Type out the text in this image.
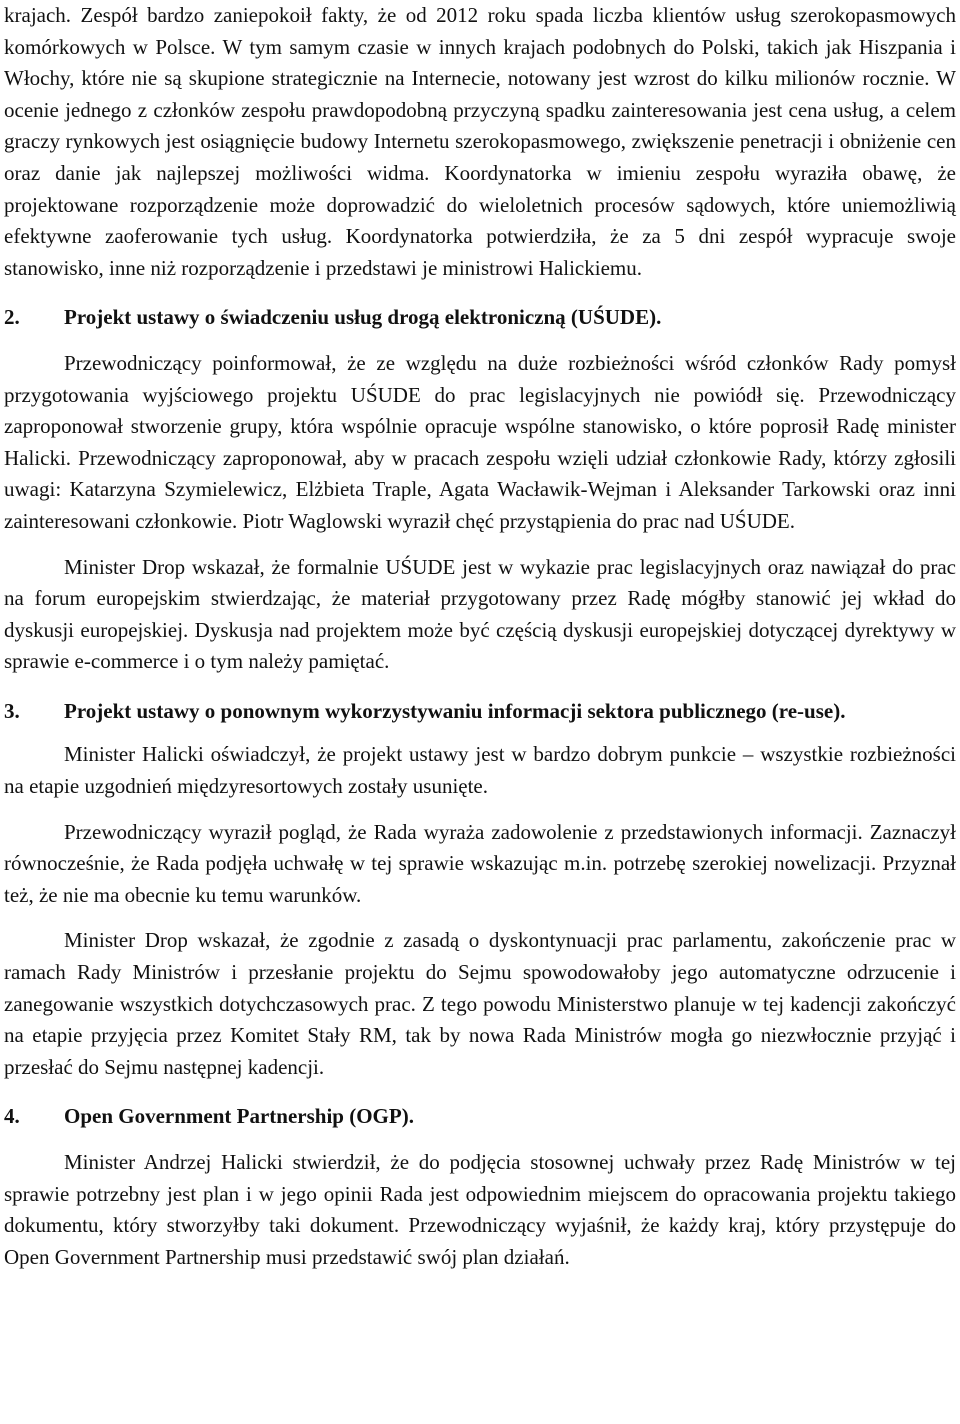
krajach. Zespół bardzo zaniepokoił fakty, że od 2012 roku spada liczba klientów usług szerokopasmowych komórkowych w Polsce. W tym samym czasie w innych krajach podobnych do Polski, takich jak Hiszpania i Włochy, które nie są skupione strategicznie na Internecie, notowany jest wzrost do kilku milionów rocznie. W ocenie jednego z członków zespołu prawdopodobną przyczyną spadku zainteresowania jest cena usług, a celem graczy rynkowych jest osiągnięcie budowy Internetu szerokopasmowego, zwiększenie penetracji i obniżenie cen oraz danie jak najlepszej możliwości widma. Koordynatorka w imieniu zespołu wyraziła obawę, że projektowane rozporządzenie może doprowadzić do wieloletnich procesów sądowych, które uniemożliwią efektywne zaoferowanie tych usług. Koordynatorka potwierdziła, że za 5 dni zespół wypracuje swoje stanowisko, inne niż rozporządzenie i przedstawi je ministrowi Halickiemu.

2.	Projekt ustawy o świadczeniu usług drogą elektroniczną (UŚUDE).

Przewodniczący poinformował, że ze względu na duże rozbieżności wśród członków Rady pomysł przygotowania wyjściowego projektu UŚUDE do prac legislacyjnych nie powiódł się. Przewodniczący zaproponował stworzenie grupy, która wspólnie opracuje wspólne stanowisko, o które poprosił Radę minister Halicki. Przewodniczący zaproponował, aby w pracach zespołu wzięli udział członkowie Rady, którzy zgłosili uwagi: Katarzyna Szymielewicz, Elżbieta Traple, Agata Wacławik-Wejman i Aleksander Tarkowski oraz inni zainteresowani członkowie. Piotr Waglowski wyraził chęć przystąpienia do prac nad UŚUDE.

Minister Drop wskazał, że formalnie UŚUDE jest w wykazie prac legislacyjnych oraz nawiązał do prac na forum europejskim stwierdzając, że materiał przygotowany przez Radę mógłby stanowić jej wkład do dyskusji europejskiej. Dyskusja nad projektem może być częścią dyskusji europejskiej dotyczącej dyrektywy w sprawie e-commerce i o tym należy pamiętać.

3.	Projekt ustawy o ponownym wykorzystywaniu informacji sektora publicznego (re-use).

Minister Halicki oświadczył, że projekt ustawy jest w bardzo dobrym punkcie – wszystkie rozbieżności na etapie uzgodnień międzyresortowych zostały usunięte.

Przewodniczący wyraził pogląd, że Rada wyraża zadowolenie z przedstawionych informacji. Zaznaczył równocześnie, że Rada podjęła uchwałę w tej sprawie wskazując m.in. potrzebę szerokiej nowelizacji. Przyznał też, że nie ma obecnie ku temu warunków.

Minister Drop wskazał, że zgodnie z zasadą o dyskontynuacji prac parlamentu, zakończenie prac w ramach Rady Ministrów i przesłanie projektu do Sejmu spowodowałoby jego automatyczne odrzucenie i zanegowanie wszystkich dotychczasowych prac. Z tego powodu Ministerstwo planuje w tej kadencji zakończyć na etapie przyjęcia przez Komitet Stały RM, tak by nowa Rada Ministrów mogła go niezwłocznie przyjąć i przesłać do Sejmu następnej kadencji.

4.	Open Government Partnership (OGP).

Minister Andrzej Halicki stwierdził, że do podjęcia stosownej uchwały przez Radę Ministrów w tej sprawie potrzebny jest plan i w jego opinii Rada jest odpowiednim miejscem do opracowania projektu takiego dokumentu, który stworzyłby taki dokument. Przewodniczący wyjaśnił, że każdy kraj, który przystępuje do Open Government Partnership musi przedstawić swój plan działań.
